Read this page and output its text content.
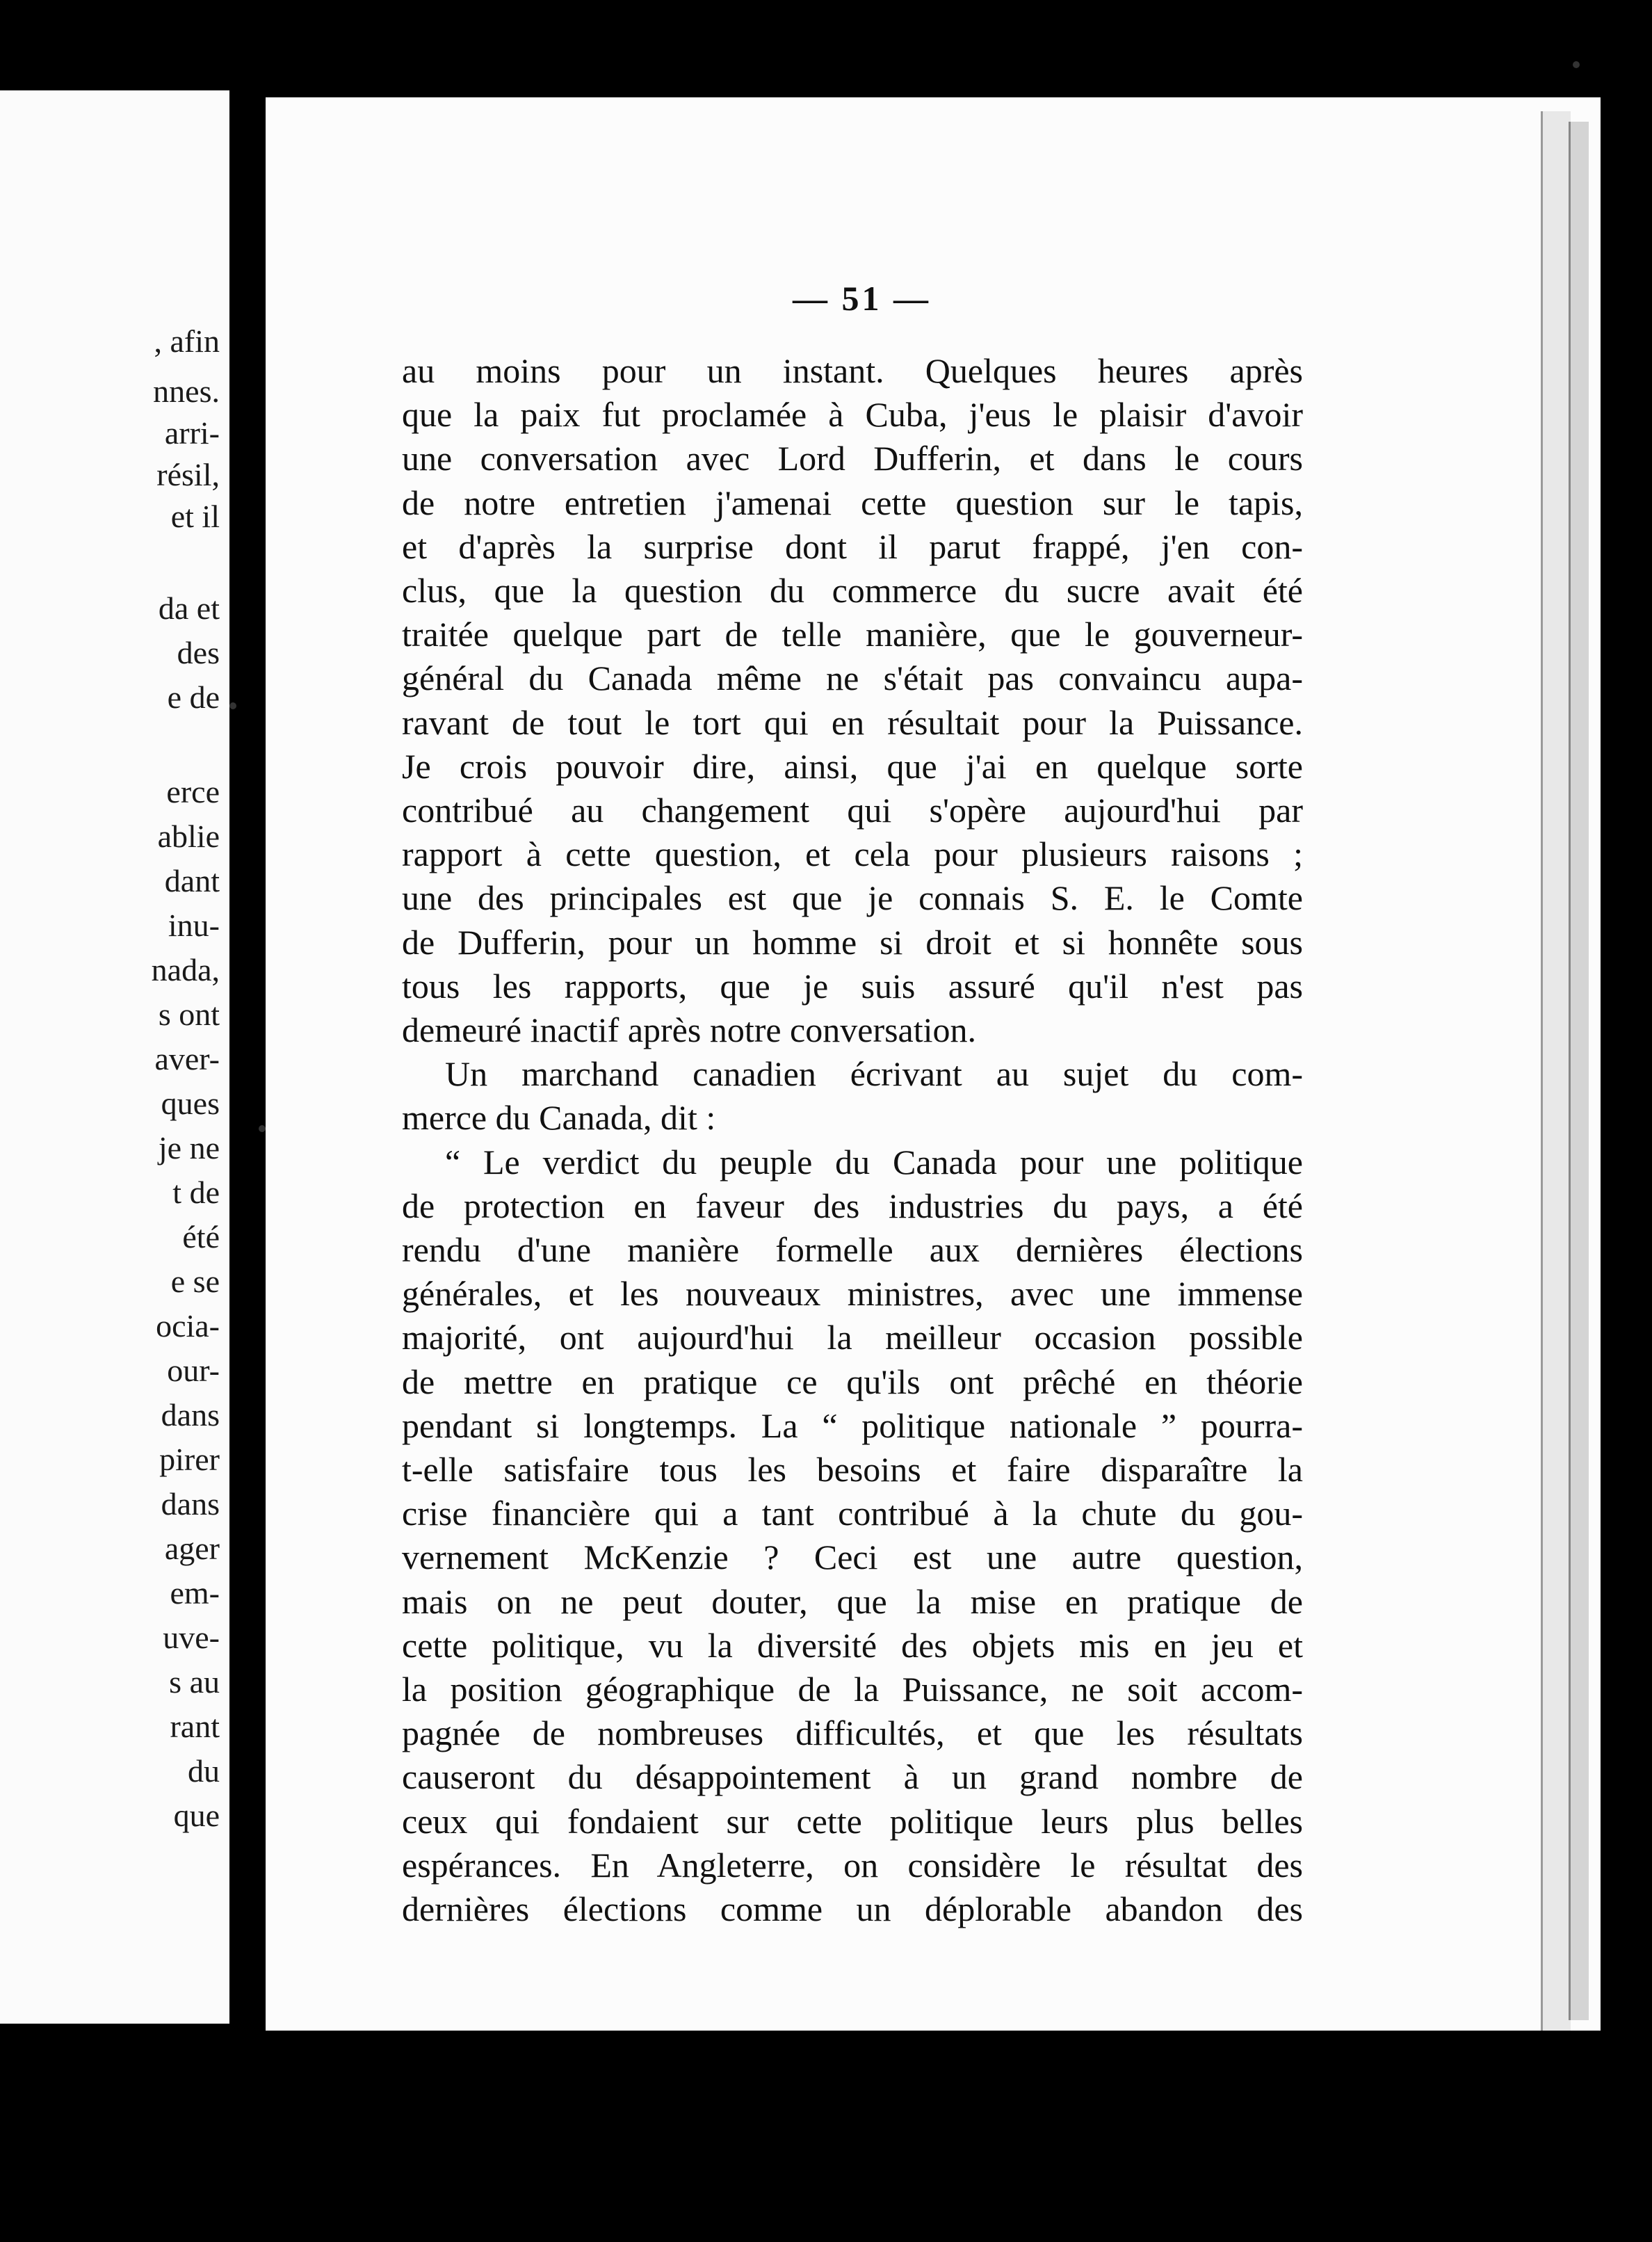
, afin
nnes.
arri-
résil,
et il
da et
des
e de
erce
ablie
dant
inu-
nada,
s ont
aver-
ques
je ne
t de
été
e se
ocia-
our-
dans
pirer
dans
ager
em-
uve-
s au
rant
du
que
— 51 —
au moins pour un instant. Quelques heures après
que la paix fut proclamée à Cuba, j'eus le plaisir d'avoir
une conversation avec Lord Dufferin, et dans le cours
de notre entretien j'amenai cette question sur le tapis,
et d'après la surprise dont il parut frappé, j'en con-
clus, que la question du commerce du sucre avait été
traitée quelque part de telle manière, que le gouverneur-
général du Canada même ne s'était pas convaincu aupa-
ravant de tout le tort qui en résultait pour la Puissance.
Je crois pouvoir dire, ainsi, que j'ai en quelque sorte
contribué au changement qui s'opère aujourd'hui par
rapport à cette question, et cela pour plusieurs raisons ;
une des principales est que je connais S. E. le Comte
de Dufferin, pour un homme si droit et si honnête sous
tous les rapports, que je suis assuré qu'il n'est pas
demeuré inactif après notre conversation.
Un marchand canadien écrivant au sujet du com-
merce du Canada, dit :
“ Le verdict du peuple du Canada pour une politique
de protection en faveur des industries du pays, a été
rendu d'une manière formelle aux dernières élections
générales, et les nouveaux ministres, avec une immense
majorité, ont aujourd'hui la meilleur occasion possible
de mettre en pratique ce qu'ils ont prêché en théorie
pendant si longtemps. La “ politique nationale ” pourra-
t-elle satisfaire tous les besoins et faire disparaître la
crise financière qui a tant contribué à la chute du gou-
vernement McKenzie ? Ceci est une autre question,
mais on ne peut douter, que la mise en pratique de
cette politique, vu la diversité des objets mis en jeu et
la position géographique de la Puissance, ne soit accom-
pagnée de nombreuses difficultés, et que les résultats
causeront du désappointement à un grand nombre de
ceux qui fondaient sur cette politique leurs plus belles
espérances. En Angleterre, on considère le résultat des
dernières élections comme un déplorable abandon des
